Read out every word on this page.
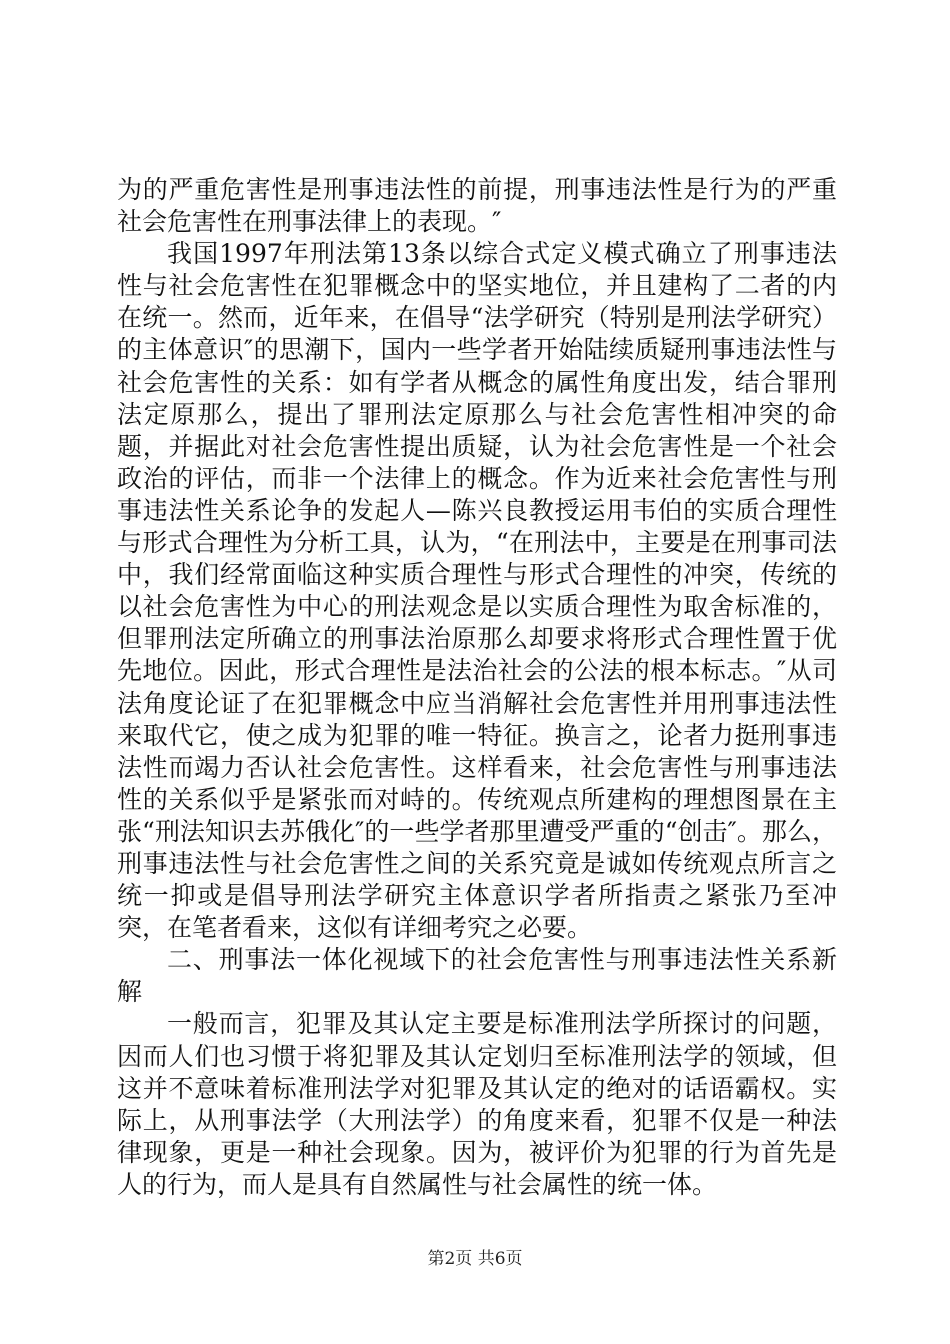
为的严重危害性是刑事违法性的前提，刑事违法性是行为的严重社会危害性在刑事法律上的表现。″

我国1997年刑法第13条以综合式定义模式确立了刑事违法性与社会危害性在犯罪概念中的坚实地位，并且建构了二者的内在统一。然而，近年来，在倡导“法学研究（特别是刑法学研究）的主体意识″的思潮下，国内一些学者开始陆续质疑刑事违法性与社会危害性的关系：如有学者从概念的属性角度出发，结合罪刑法定原那么，提出了罪刑法定原那么与社会危害性相冲突的命题，并据此对社会危害性提出质疑，认为社会危害性是一个社会政治的评估，而非一个法律上的概念。作为近来社会危害性与刑事违法性关系论争的发起人—陈兴良教授运用韦伯的实质合理性与形式合理性为分析工具，认为，“在刑法中，主要是在刑事司法中，我们经常面临这种实质合理性与形式合理性的冲突，传统的以社会危害性为中心的刑法观念是以实质合理性为取舍标准的，但罪刑法定所确立的刑事法治原那么却要求将形式合理性置于优先地位。因此，形式合理性是法治社会的公法的根本标志。″从司法角度论证了在犯罪概念中应当消解社会危害性并用刑事违法性来取代它，使之成为犯罪的唯一特征。换言之，论者力挺刑事违法性而竭力否认社会危害性。这样看来，社会危害性与刑事违法性的关系似乎是紧张而对峙的。传统观点所建构的理想图景在主张“刑法知识去苏俄化″的一些学者那里遭受严重的“创击″。那么，刑事违法性与社会危害性之间的关系究竟是诚如传统观点所言之统一抑或是倡导刑法学研究主体意识学者所指责之紧张乃至冲突，在笔者看来，这似有详细考究之必要。

二、刑事法一体化视域下的社会危害性与刑事违法性关系新解

一般而言，犯罪及其认定主要是标准刑法学所探讨的问题，因而人们也习惯于将犯罪及其认定划归至标准刑法学的领域，但这并不意味着标准刑法学对犯罪及其认定的绝对的话语霸权。实际上，从刑事法学（大刑法学）的角度来看，犯罪不仅是一种法律现象，更是一种社会现象。因为，被评价为犯罪的行为首先是人的行为，而人是具有自然属性与社会属性的统一体。

第2页 共6页
